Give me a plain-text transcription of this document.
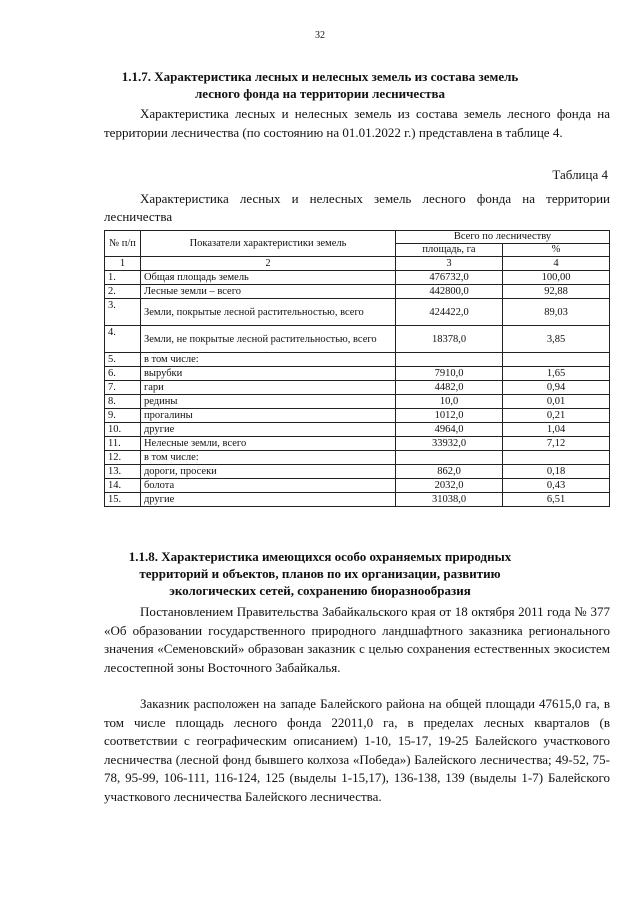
32
1.1.7. Характеристика лесных и нелесных земель из состава земель
лесного фонда на территории лесничества

Характеристика лесных и нелесных земель из состава земель лесного фонда на территории лесничества (по состоянию на 01.01.2022 г.) представлена в таблице 4.

Таблица 4

Характеристика лесных и нелесных земель лесного фонда на территории лесничества

№ п/п	Показатели характеристики земель	Всего по лесничеству	
		площадь, га	%
1	2	3	4
1.	Общая площадь земель	476732,0	100,00
2.	Лесные земли – всего	442800,0	92,88
3.	Земли, покрытые лесной растительностью, всего	424422,0	89,03
4.	Земли, не покрытые лесной растительностью, всего	18378,0	3,85
5.	в том числе:		
6.	вырубки	7910,0	1,65
7.	гари	4482,0	0,94
8.	редины	10,0	0,01
9.	прогалины	1012,0	0,21
10.	другие	4964,0	1,04
11.	Нелесные земли, всего	33932,0	7,12
12.	в том числе:		
13.	дороги, просеки	862,0	0,18
14.	болота	2032,0	0,43
15.	другие	31038,0	6,51
1.1.8. Характеристика имеющихся особо охраняемых природных
территорий и объектов, планов по их организации, развитию
экологических сетей, сохранению биоразнообразия

Постановлением Правительства Забайкальского края от 18 октября 2011 года № 377 «Об образовании государственного природного ландшафтного заказника регионального значения «Семеновский» образован заказник с целью сохранения естественных экосистем лесостепной зоны Восточного Забайкалья.

Заказник расположен на западе Балейского района на общей площади 47615,0 га, в том числе площадь лесного фонда 22011,0 га, в пределах лесных кварталов (в соответствии с географическим описанием) 1-10, 15-17, 19-25 Балейского участкового лесничества (лесной фонд бывшего колхоза «Победа») Балейского лесничества; 49-52, 75-78, 95-99, 106-111, 116-124, 125 (выделы 1-15,17), 136-138, 139 (выделы 1-7) Балейского участкового лесничества Балейского лесничества.
